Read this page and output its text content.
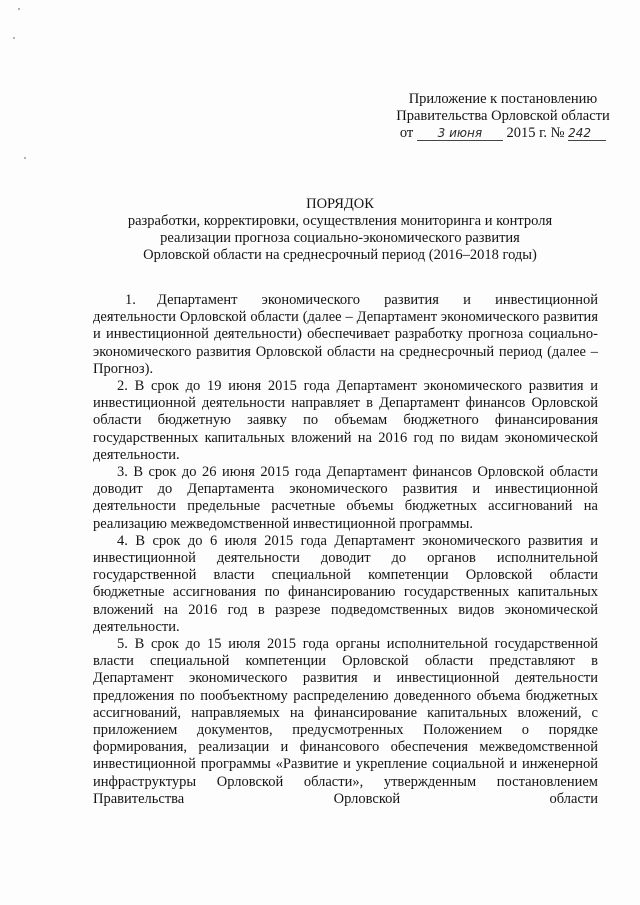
Приложение к постановлению
Правительства Орловской области
от 3 июня 2015 г. № 242
ПОРЯДОК
разработки, корректировки, осуществления мониторинга и контроля
реализации прогноза социально-экономического развития
Орловской области на среднесрочный период (2016–2018 годы)

1. Департамент экономического развития и инвестиционной деятельности Орловской области (далее – Департамент экономического развития и инвестиционной деятельности) обеспечивает разработку прогноза социально-экономического развития Орловской области на среднесрочный период (далее – Прогноз).

2. В срок до 19 июня 2015 года Департамент экономического развития и инвестиционной деятельности направляет в Департамент финансов Орловской области бюджетную заявку по объемам бюджетного финансирования государственных капитальных вложений на 2016 год по видам экономической деятельности.

3. В срок до 26 июня 2015 года Департамент финансов Орловской области доводит до Департамента экономического развития и инвестиционной деятельности предельные расчетные объемы бюджетных ассигнований на реализацию межведомственной инвестиционной программы.

4. В срок до 6 июля 2015 года Департамент экономического развития и инвестиционной деятельности доводит до органов исполнительной государственной власти специальной компетенции Орловской области бюджетные ассигнования по финансированию государственных капитальных вложений на 2016 год в разрезе подведомственных видов экономической деятельности.

5. В срок до 15 июля 2015 года органы исполнительной государственной власти специальной компетенции Орловской области представляют в Департамент экономического развития и инвестиционной деятельности предложения по пообъектному распределению доведенного объема бюджетных ассигнований, направляемых на финансирование капитальных вложений, с приложением документов, предусмотренных Положением о порядке формирования, реализации и финансового обеспечения межведомственной инвестиционной программы «Развитие и укрепление социальной и инженерной инфраструктуры Орловской области», утвержденным постановлением Правительства Орловской области
